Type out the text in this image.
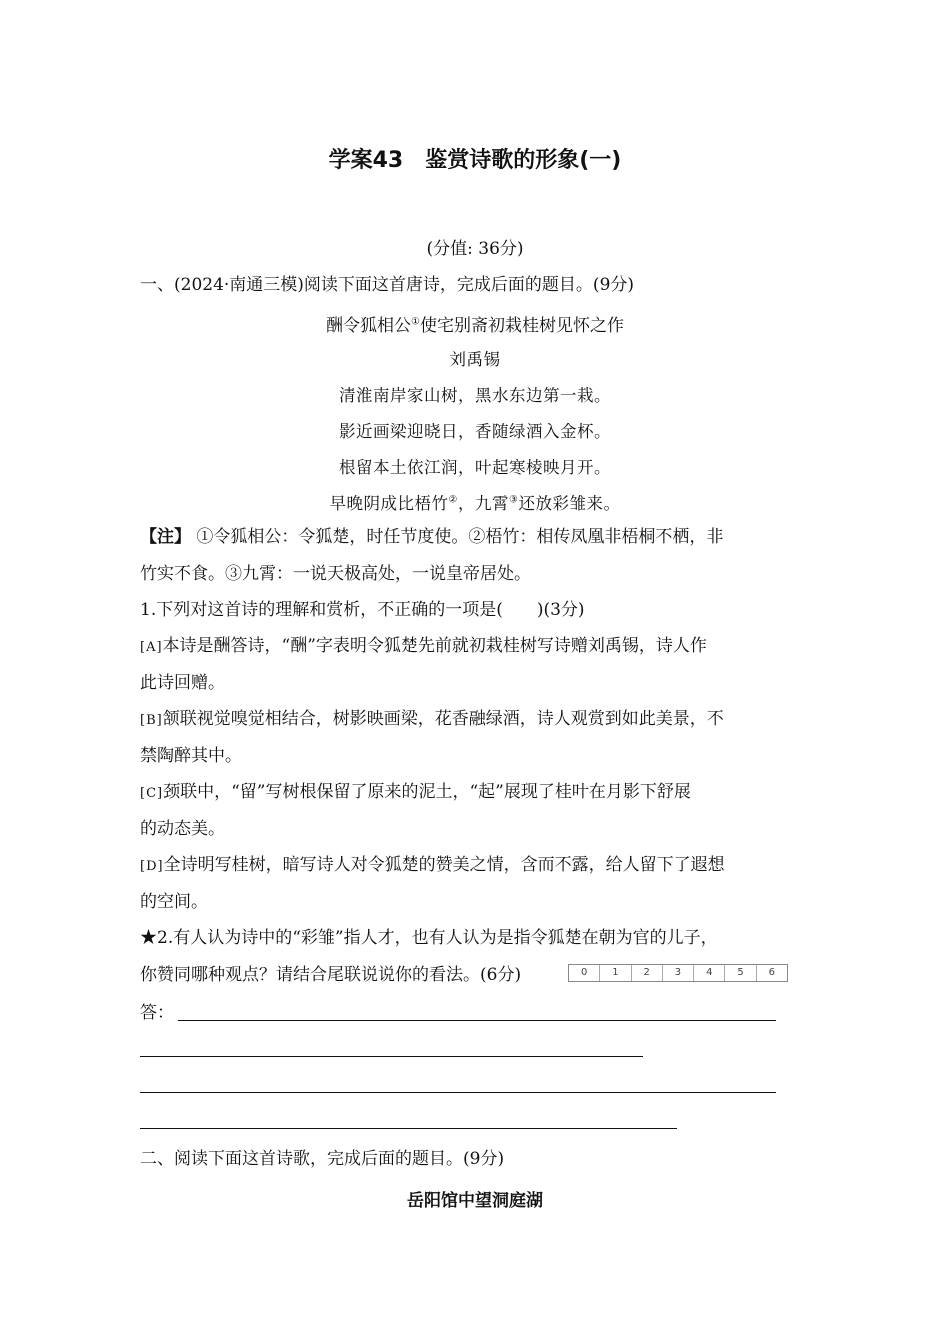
学案43　鉴赏诗歌的形象(一)
(分值: 36分)
一、(2024·南通三模)阅读下面这首唐诗，完成后面的题目。(9分)
酬令狐相公①使宅别斋初栽桂树见怀之作
刘禹锡
清淮南岸家山树，黑水东边第一栽。
影近画梁迎晓日，香随绿酒入金杯。
根留本土依江润，叶起寒棱映月开。
早晚阴成比梧竹②，九霄③还放彩雏来。
【注】 ①令狐相公：令狐楚，时任节度使。②梧竹：相传凤凰非梧桐不栖，非
竹实不食。③九霄：一说天极高处，一说皇帝居处。
1.下列对这首诗的理解和赏析，不正确的一项是(　　)(3分)
[A]本诗是酬答诗，“酬”字表明令狐楚先前就初栽桂树写诗赠刘禹锡，诗人作
此诗回赠。
[B]颔联视觉嗅觉相结合，树影映画梁，花香融绿酒，诗人观赏到如此美景，不
禁陶醉其中。
[C]颈联中，“留”写树根保留了原来的泥土，“起”展现了桂叶在月影下舒展
的动态美。
[D]全诗明写桂树，暗写诗人对令狐楚的赞美之情，含而不露，给人留下了遐想
的空间。
★2.有人认为诗中的“彩雏”指人才，也有人认为是指令狐楚在朝为官的儿子，
你赞同哪种观点？请结合尾联说说你的看法。(6分)	0	1	2	3	4	5	6
答：
二、阅读下面这首诗歌，完成后面的题目。(9分)
岳阳馆中望洞庭湖
